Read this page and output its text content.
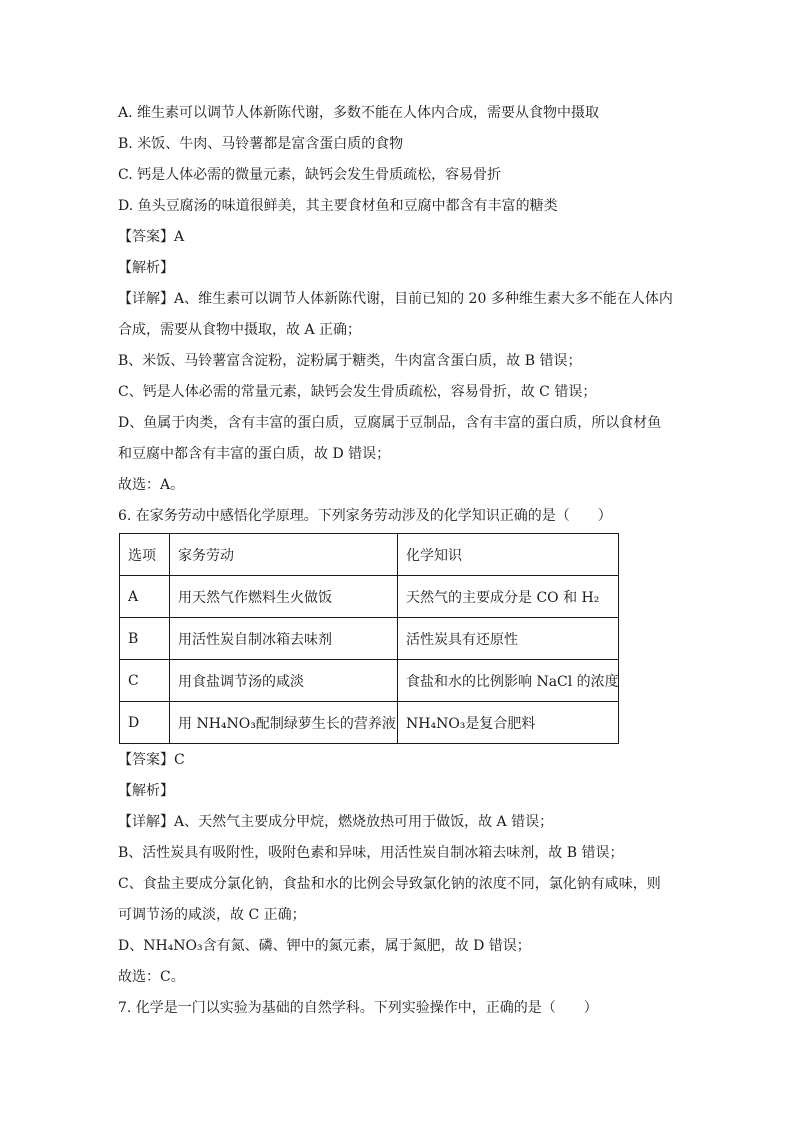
A. 维生素可以调节人体新陈代谢，多数不能在人体内合成，需要从食物中摄取
B. 米饭、牛肉、马铃薯都是富含蛋白质的食物
C. 钙是人体必需的微量元素，缺钙会发生骨质疏松，容易骨折
D. 鱼头豆腐汤的味道很鲜美，其主要食材鱼和豆腐中都含有丰富的糖类
【答案】A
【解析】
【详解】A、维生素可以调节人体新陈代谢，目前已知的 20 多种维生素大多不能在人体内
合成，需要从食物中摄取，故 A 正确；
B、米饭、马铃薯富含淀粉，淀粉属于糖类，牛肉富含蛋白质，故 B 错误；
C、钙是人体必需的常量元素，缺钙会发生骨质疏松，容易骨折，故 C 错误；
D、鱼属于肉类，含有丰富的蛋白质，豆腐属于豆制品，含有丰富的蛋白质，所以食材鱼
和豆腐中都含有丰富的蛋白质，故 D 错误；
故选：A。
6. 在家务劳动中感悟化学原理。下列家务劳动涉及的化学知识正确的是（　　）
选项	家务劳动	化学知识
A	用天然气作燃料生火做饭	天然气的主要成分是 CO 和 H₂
B	用活性炭自制冰箱去味剂	活性炭具有还原性
C	用食盐调节汤的咸淡	食盐和水的比例影响 NaCl 的浓度
D	用 NH₄NO₃配制绿萝生长的营养液	NH₄NO₃是复合肥料
【答案】C
【解析】
【详解】A、天然气主要成分甲烷，燃烧放热可用于做饭，故 A 错误；
B、活性炭具有吸附性，吸附色素和异味，用活性炭自制冰箱去味剂，故 B 错误；
C、食盐主要成分氯化钠，食盐和水的比例会导致氯化钠的浓度不同，氯化钠有咸味，则
可调节汤的咸淡，故 C 正确；
D、NH₄NO₃含有氮、磷、钾中的氮元素，属于氮肥，故 D 错误；
故选：C。
7. 化学是一门以实验为基础的自然学科。下列实验操作中，正确的是（　　）
